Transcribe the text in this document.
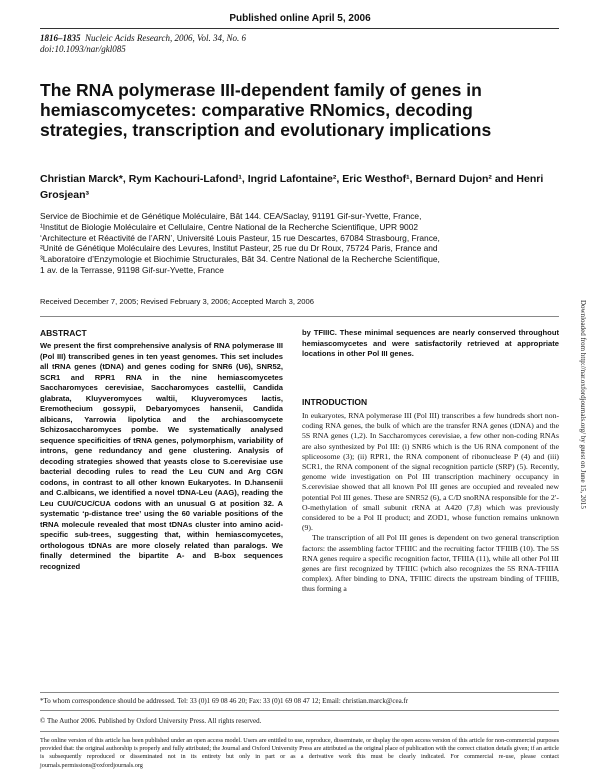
Published online April 5, 2006
1816–1835 Nucleic Acids Research, 2006, Vol. 34, No. 6
doi:10.1093/nar/gkl085
The RNA polymerase III-dependent family of genes in hemiascomycetes: comparative RNomics, decoding strategies, transcription and evolutionary implications
Christian Marck*, Rym Kachouri-Lafond¹, Ingrid Lafontaine², Eric Westhof¹, Bernard Dujon² and Henri Grosjean³
Service de Biochimie et de Génétique Moléculaire, Bât 144. CEA/Saclay, 91191 Gif-sur-Yvette, France,
¹Institut de Biologie Moléculaire et Cellulaire, Centre National de la Recherche Scientifique, UPR 9002
‘Architecture et Réactivité de l’ARN’, Université Louis Pasteur, 15 rue Descartes, 67084 Strasbourg, France,
²Unité de Génétique Moléculaire des Levures, Institut Pasteur, 25 rue du Dr Roux, 75724 Paris, France and
³Laboratoire d’Enzymologie et Biochimie Structurales, Bât 34. Centre National de la Recherche Scientifique,
1 av. de la Terrasse, 91198 Gif-sur-Yvette, France
Received December 7, 2005; Revised February 3, 2006; Accepted March 3, 2006
ABSTRACT
We present the first comprehensive analysis of RNA polymerase III (Pol III) transcribed genes in ten yeast genomes. This set includes all tRNA genes (tDNA) and genes coding for SNR6 (U6), SNR52, SCR1 and RPR1 RNA in the nine hemiascomycetes Saccharomyces cerevisiae, Saccharomyces castellii, Candida glabrata, Kluyveromyces waltii, Kluyveromyces lactis, Eremothecium gossypii, Debaryomyces hansenii, Candida albicans, Yarrowia lipolytica and the archiascomycete Schizosaccharomyces pombe. We systematically analysed sequence specificities of tRNA genes, polymorphism, variability of introns, gene redundancy and gene clustering. Analysis of decoding strategies showed that yeasts close to S.cerevisiae use bacterial decoding rules to read the Leu CUN and Arg CGN codons, in contrast to all other known Eukaryotes. In D.hansenii and C.albicans, we identified a novel tDNA-Leu (AAG), reading the Leu CUU/CUC/CUA codons with an unusual G at position 32. A systematic ‘p-distance tree’ using the 60 variable positions of the tRNA molecule revealed that most tDNAs cluster into amino acid-specific sub-trees, suggesting that, within hemiascomycetes, orthologous tDNAs are more closely related than paralogs. We finally determined the bipartite A- and B-box sequences recognized
by TFIIIC. These minimal sequences are nearly conserved throughout hemiascomycetes and were satisfactorily retrieved at appropriate locations in other Pol III genes.
INTRODUCTION

In eukaryotes, RNA polymerase III (Pol III) transcribes a few hundreds short non-coding RNA genes, the bulk of which are the transfer RNA genes (tDNA) and the 5S RNA genes (1,2). In Saccharomyces cerevisiae, a few other non-coding RNAs are also synthesized by Pol III: (i) SNR6 which is the U6 RNA component of the spliceosome (3); (ii) RPR1, the RNA component of ribonuclease P (4) and (iii) SCR1, the RNA component of the signal recognition particle (SRP) (5). Recently, genome wide investigation on Pol III transcription machinery occupancy in S.cerevisiae showed that all known Pol III genes are occupied and revealed new potential Pol III genes. These are SNR52 (6), a C/D snoRNA responsible for the 2′-O-methylation of small subunit rRNA at A420 (7,8) which was previously considered to be a Pol II product; and ZOD1, whose function remains unknown (9).

The transcription of all Pol III genes is dependent on two general transcription factors: the assembling factor TFIIIC and the recruiting factor TFIIIB (10). The 5S RNA genes require a specific recognition factor, TFIIIA (11), while all other Pol III genes are first recognized by TFIIIC (which also recognizes the 5S RNA-TFIIIA complex). After binding to DNA, TFIIIC directs the upstream binding of TFIIIB, thus forming a

Downloaded from http://nar.oxfordjournals.org/ by guest on June 15, 2015
*To whom correspondence should be addressed. Tel: 33 (0)1 69 08 46 20; Fax: 33 (0)1 69 08 47 12; Email: christian.marck@cea.fr
© The Author 2006. Published by Oxford University Press. All rights reserved.
The online version of this article has been published under an open access model. Users are entitled to use, reproduce, disseminate, or display the open access version of this article for non-commercial purposes provided that: the original authorship is properly and fully attributed; the Journal and Oxford University Press are attributed as the original place of publication with the correct citation details given; if an article is subsequently reproduced or disseminated not in its entirety but only in part or as a derivative work this must be clearly indicated. For commercial re-use, please contact journals.permissions@oxfordjournals.org
